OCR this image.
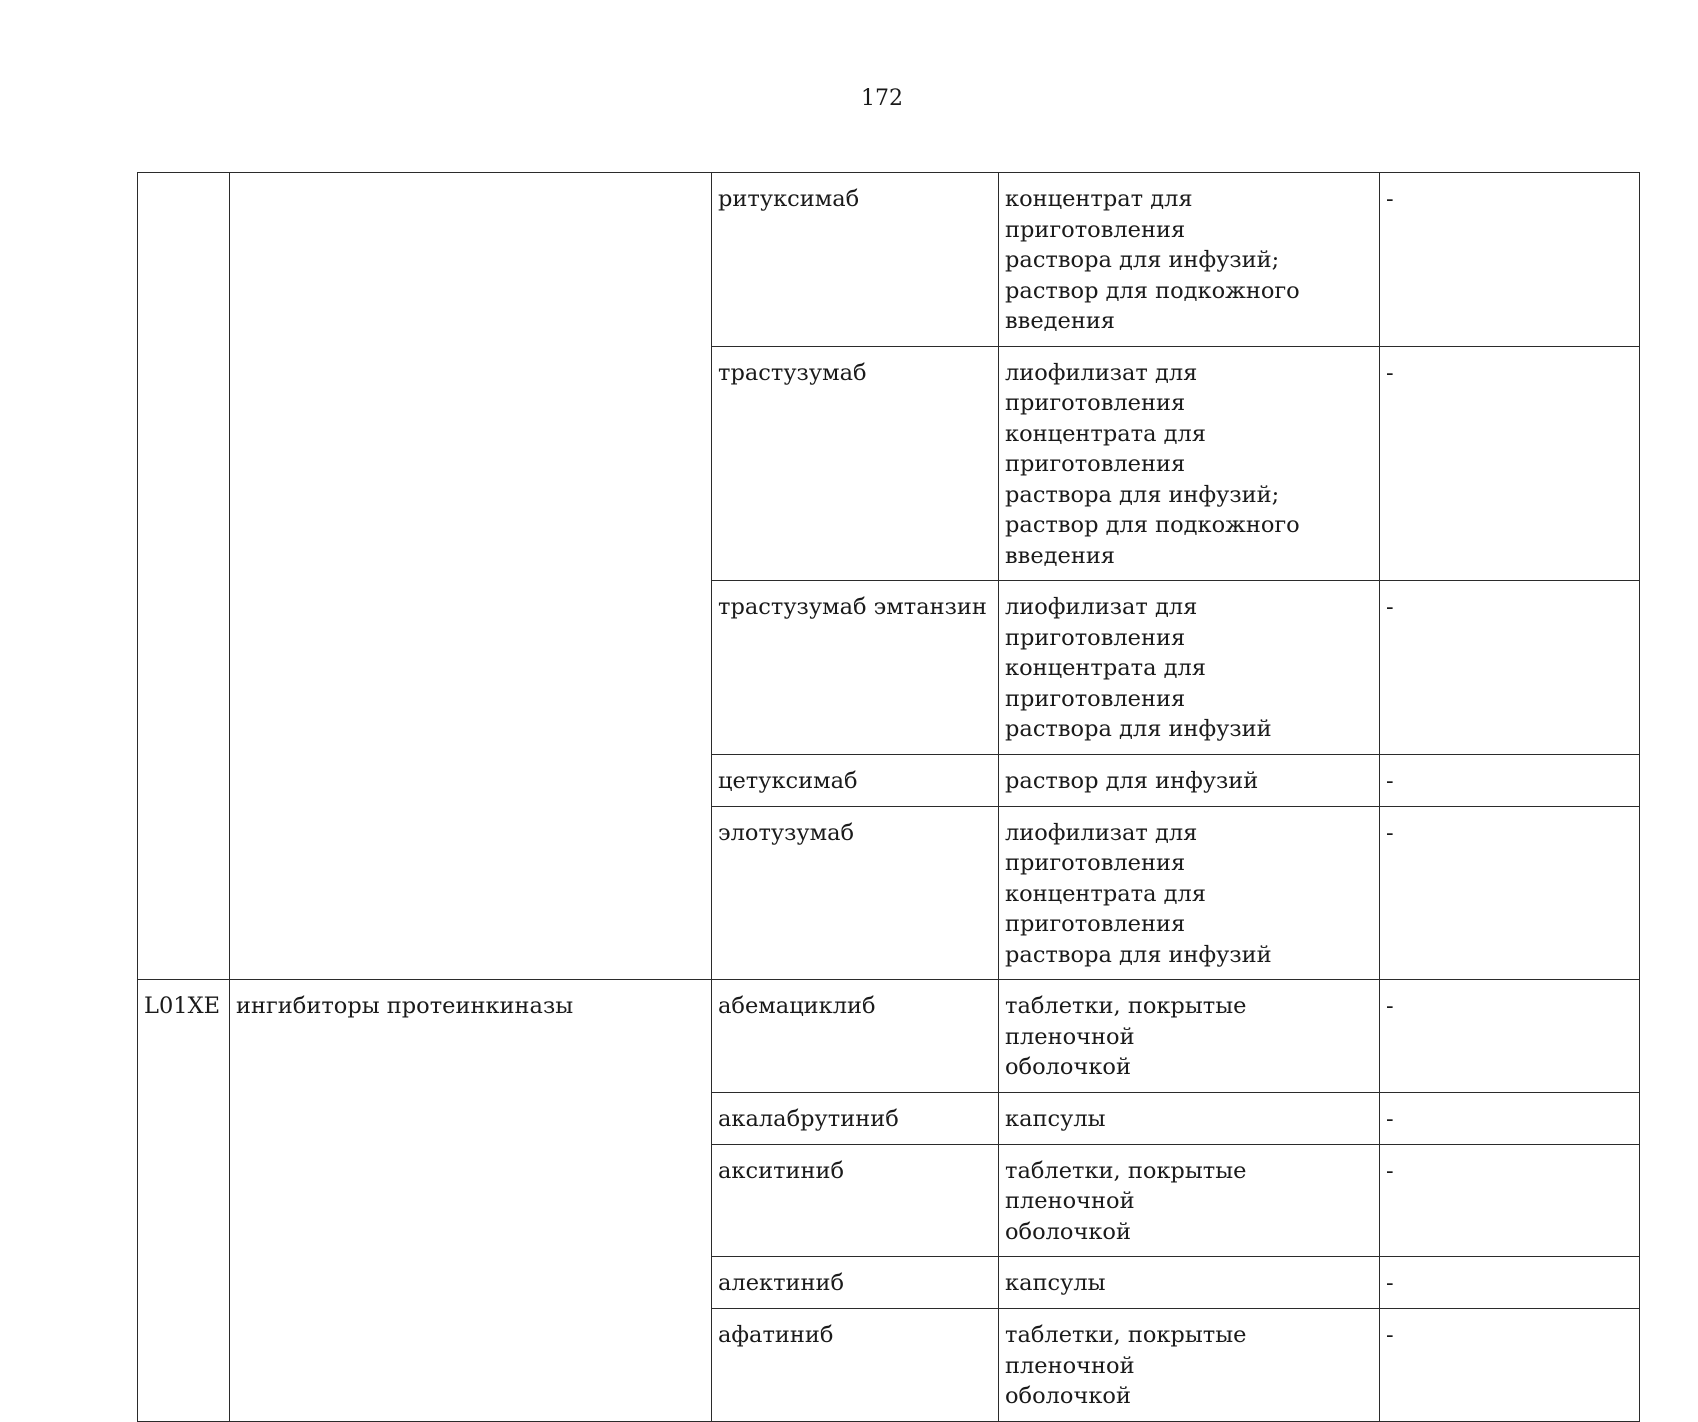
172
		ритуксимаб	концентрат для приготовления
раствора для инфузий;
раствор для подкожного
введения	-
		трастузумаб	лиофилизат для приготовления
концентрата для приготовления
раствора для инфузий;
раствор для подкожного
введения	-
		трастузумаб эмтанзин	лиофилизат для приготовления
концентрата для приготовления
раствора для инфузий	-
		цетуксимаб	раствор для инфузий	-
		элотузумаб	лиофилизат для приготовления
концентрата для приготовления
раствора для инфузий	-
L01XE	ингибиторы протеинкиназы	абемациклиб	таблетки, покрытые пленочной
оболочкой	-
		акалабрутиниб	капсулы	-
		акситиниб	таблетки, покрытые пленочной
оболочкой	-
		алектиниб	капсулы	-
		афатиниб	таблетки, покрытые пленочной
оболочкой	-
